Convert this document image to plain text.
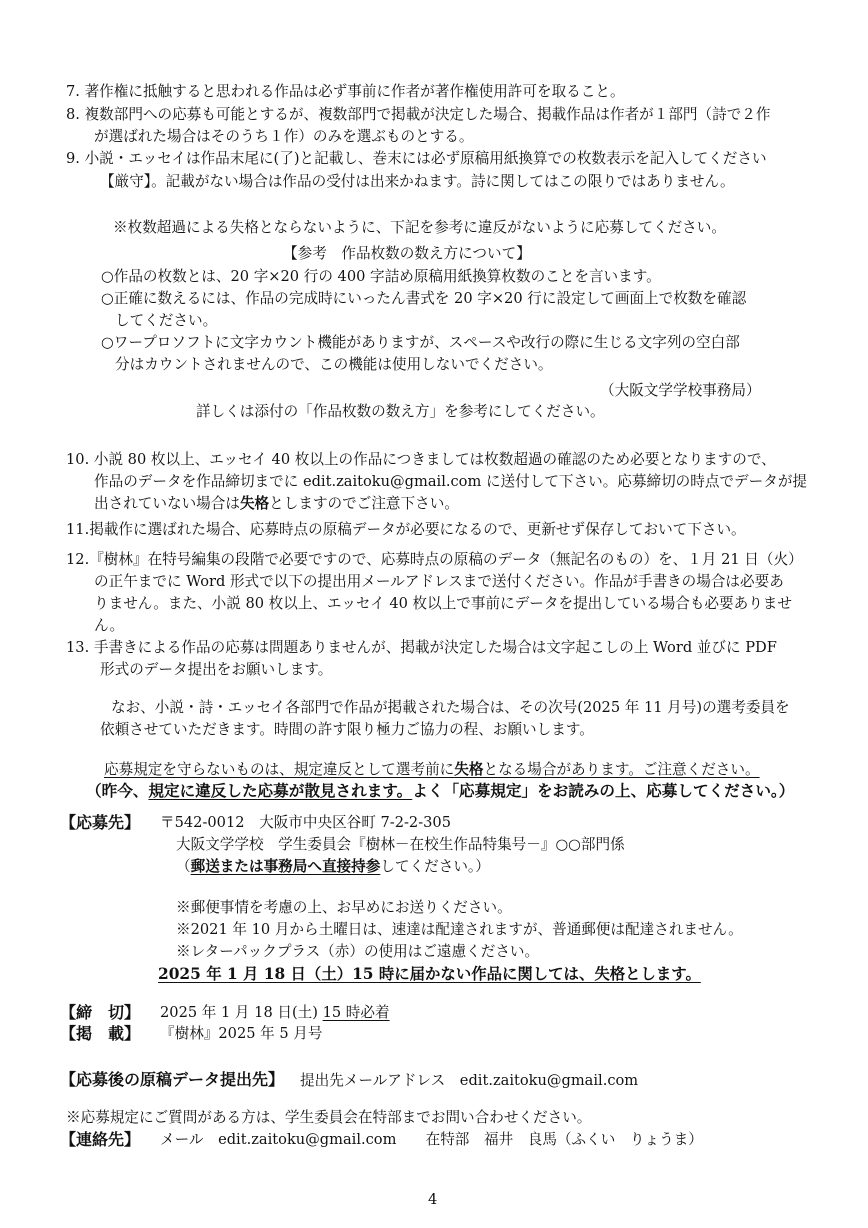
7. 著作権に抵触すると思われる作品は必ず事前に作者が著作権使用許可を取ること。
8. 複数部門への応募も可能とするが、複数部門で掲載が決定した場合、掲載作品は作者が１部門（詩で２作
が選ばれた場合はそのうち１作）のみを選ぶものとする。
9. 小説・エッセイは作品末尾に(了)と記載し、巻末には必ず原稿用紙換算での枚数表示を記入してください
【厳守】。記載がない場合は作品の受付は出来かねます。詩に関してはこの限りではありません。
※枚数超過による失格とならないように、下記を参考に違反がないように応募してください。
【参考　作品枚数の数え方について】
○作品の枚数とは、20 字×20 行の 400 字詰め原稿用紙換算枚数のことを言います。
○正確に数えるには、作品の完成時にいったん書式を 20 字×20 行に設定して画面上で枚数を確認
してください。
○ワープロソフトに文字カウント機能がありますが、スペースや改行の際に生じる文字列の空白部
分はカウントされませんので、この機能は使用しないでください。
（大阪文学学校事務局）
詳しくは添付の「作品枚数の数え方」を参考にしてください。
10. 小説 80 枚以上、エッセイ 40 枚以上の作品につきましては枚数超過の確認のため必要となりますので、
作品のデータを作品締切までに edit.zaitoku@gmail.com に送付して下さい。応募締切の時点でデータが提
出されていない場合は失格としますのでご注意下さい。
11.掲載作に選ばれた場合、応募時点の原稿データが必要になるので、更新せず保存しておいて下さい。
12.『樹林』在特号編集の段階で必要ですので、応募時点の原稿のデータ（無記名のもの）を、１月 21 日（火）
の正午までに Word 形式で以下の提出用メールアドレスまで送付ください。作品が手書きの場合は必要あ
りません。また、小説 80 枚以上、エッセイ 40 枚以上で事前にデータを提出している場合も必要ありませ
ん。
13. 手書きによる作品の応募は問題ありませんが、掲載が決定した場合は文字起こしの上 Word 並びに PDF
形式のデータ提出をお願いします。
なお、小説・詩・エッセイ各部門で作品が掲載された場合は、その次号(2025 年 11 月号)の選考委員を
依頼させていただきます。時間の許す限り極力ご協力の程、お願いします。
応募規定を守らないものは、規定違反として選考前に失格となる場合があります。ご注意ください。
（昨今、規定に違反した応募が散見されます。よく「応募規定」をお読みの上、応募してください。）
【応募先】 〒542-0012　大阪市中央区谷町 7-2-2-305
大阪文学学校　学生委員会『樹林－在校生作品特集号－』○○部門係
（郵送または事務局へ直接持参してください。）
※郵便事情を考慮の上、お早めにお送りください。
※2021 年 10 月から土曜日は、速達は配達されますが、普通郵便は配達されません。
※レターパックプラス（赤）の使用はご遠慮ください。
2025 年 1 月 18 日（土）15 時に届かない作品に関しては、失格とします。
【締　切】 2025 年 1 月 18 日(土) 15 時必着
【掲　載】 『樹林』2025 年 5 月号
【応募後の原稿データ提出先】 提出先メールアドレス　edit.zaitoku@gmail.com
※応募規定にご質問がある方は、学生委員会在特部までお問い合わせください。
【連絡先】 メール　edit.zaitoku@gmail.com　　在特部　福井　良馬（ふくい　りょうま）
4
